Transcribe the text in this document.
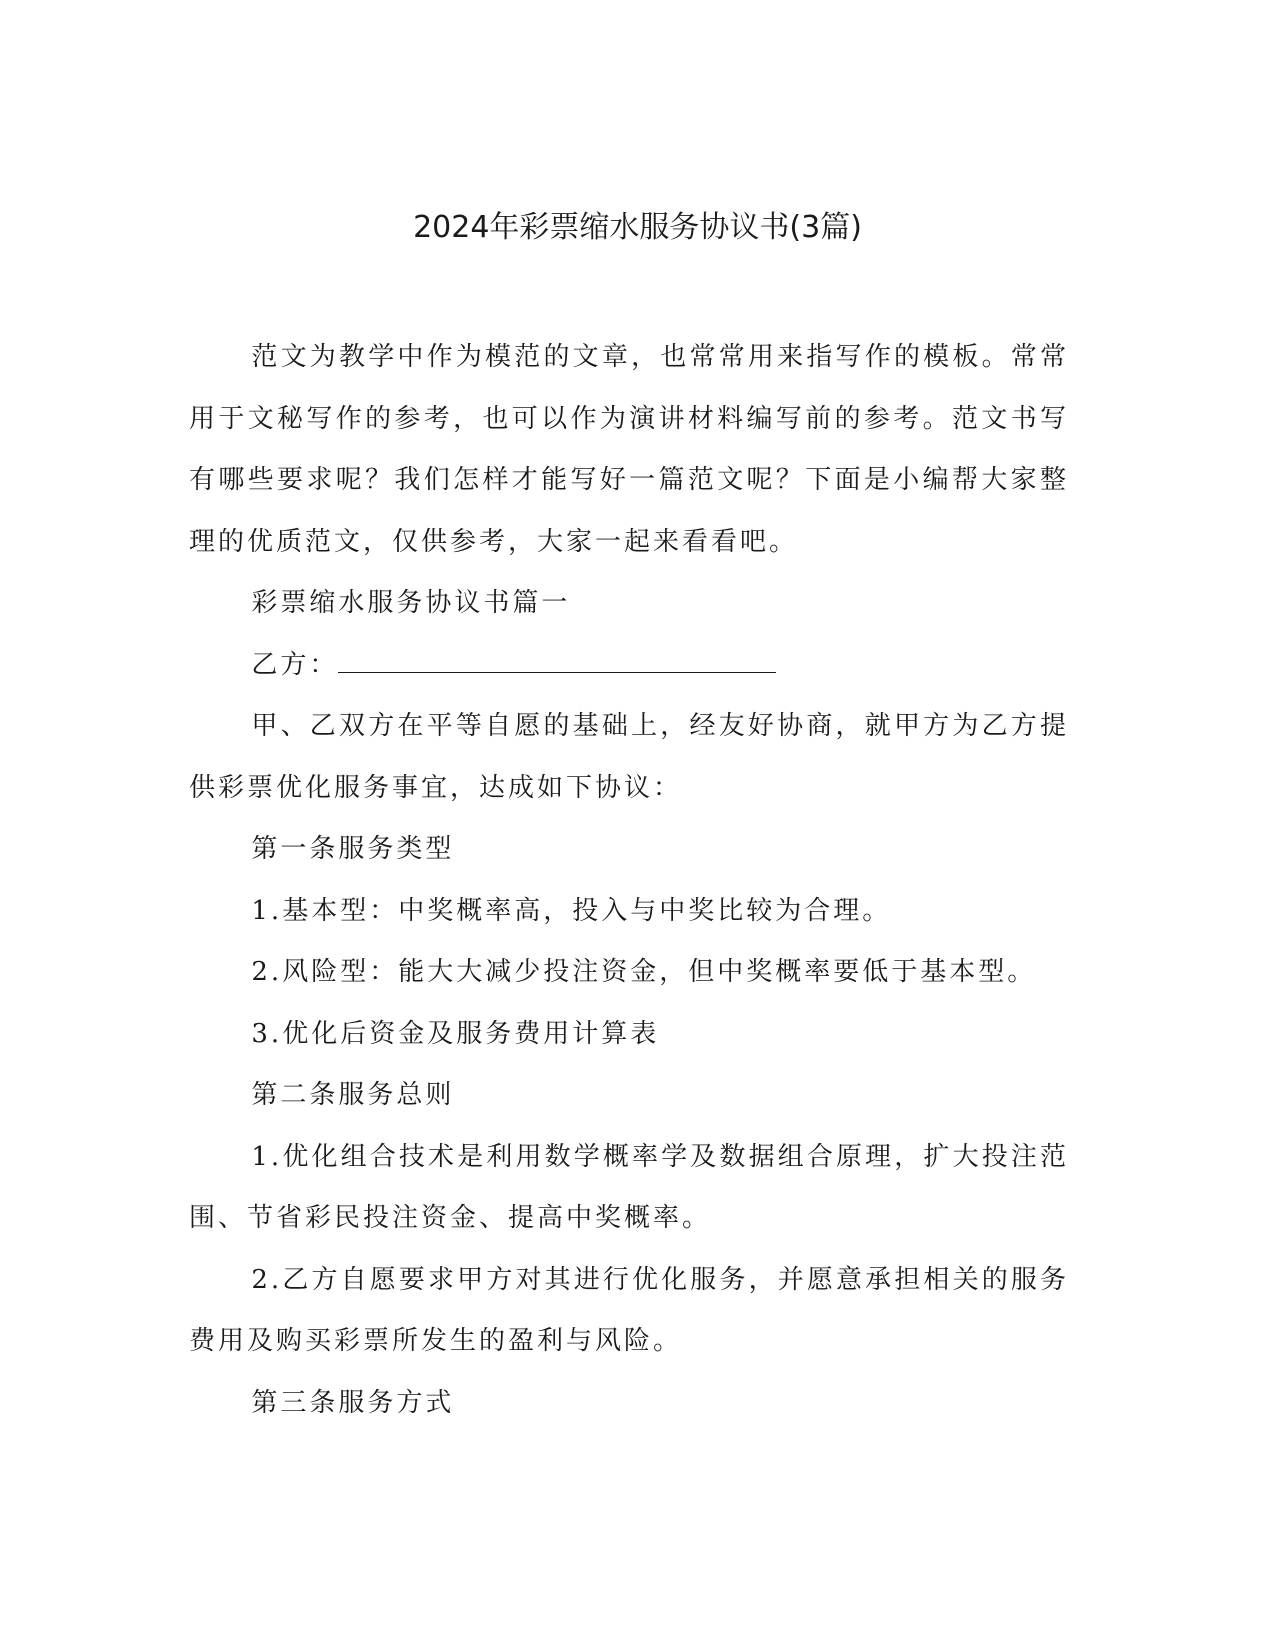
2024年彩票缩水服务协议书(3篇)

范文为教学中作为模范的文章，也常常用来指写作的模板。常常用于文秘写作的参考，也可以作为演讲材料编写前的参考。范文书写有哪些要求呢？我们怎样才能写好一篇范文呢？下面是小编帮大家整理的优质范文，仅供参考，大家一起来看看吧。

彩票缩水服务协议书篇一

乙方：

甲、乙双方在平等自愿的基础上，经友好协商，就甲方为乙方提供彩票优化服务事宜，达成如下协议：

第一条服务类型

1.基本型：中奖概率高，投入与中奖比较为合理。

2.风险型：能大大减少投注资金，但中奖概率要低于基本型。

3.优化后资金及服务费用计算表

第二条服务总则

1.优化组合技术是利用数学概率学及数据组合原理，扩大投注范围、节省彩民投注资金、提高中奖概率。

2.乙方自愿要求甲方对其进行优化服务，并愿意承担相关的服务费用及购买彩票所发生的盈利与风险。

第三条服务方式
